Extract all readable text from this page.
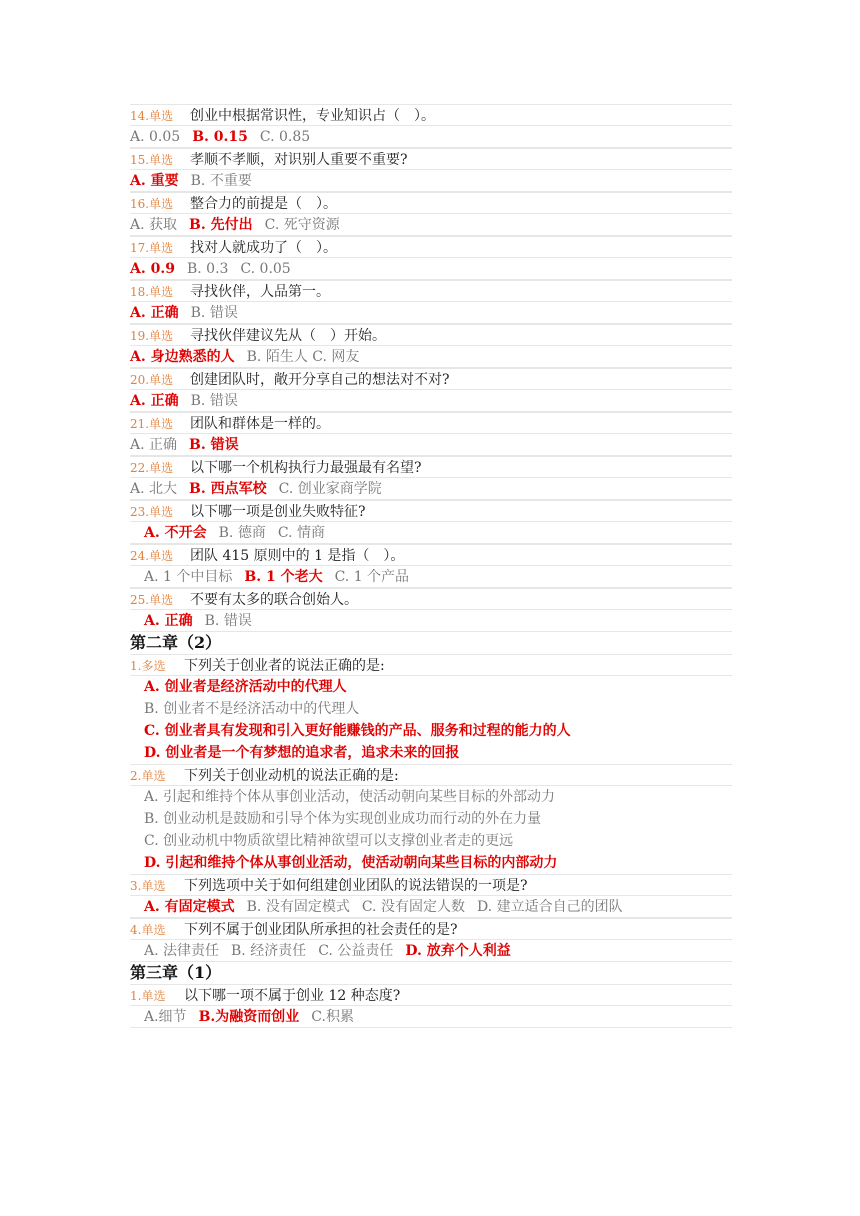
14.单选 创业中根据常识性，专业知识占（　）。
A. 0.05 B. 0.15 C. 0.85
15.单选 孝顺不孝顺，对识别人重要不重要?
A. 重要 B. 不重要
16.单选 整合力的前提是（　）。
A. 获取 B. 先付出 C. 死守资源
17.单选 找对人就成功了（　）。
A. 0.9 B. 0.3 C. 0.05
18.单选 寻找伙伴，人品第一。
A. 正确 B. 错误
19.单选 寻找伙伴建议先从（　）开始。
A. 身边熟悉的人 B. 陌生人 C. 网友
20.单选 创建团队时，敞开分享自己的想法对不对?
A. 正确 B. 错误
21.单选 团队和群体是一样的。
A. 正确 B. 错误
22.单选 以下哪一个机构执行力最强最有名望?
A. 北大 B. 西点军校 C. 创业家商学院
23.单选 以下哪一项是创业失败特征?
A. 不开会 B. 德商 C. 情商
24.单选 团队 415 原则中的 1 是指（　）。
A. 1 个中目标 B. 1 个老大 C. 1 个产品
25.单选 不要有太多的联合创始人。
A. 正确 B. 错误
第二章（2）
1.多选 下列关于创业者的说法正确的是:
A. 创业者是经济活动中的代理人
B. 创业者不是经济活动中的代理人
C. 创业者具有发现和引入更好能赚钱的产品、服务和过程的能力的人
D. 创业者是一个有梦想的追求者，追求未来的回报
2.单选 下列关于创业动机的说法正确的是:
A. 引起和维持个体从事创业活动，使活动朝向某些目标的外部动力
B. 创业动机是鼓励和引导个体为实现创业成功而行动的外在力量
C. 创业动机中物质欲望比精神欲望可以支撑创业者走的更远
D. 引起和维持个体从事创业活动，使活动朝向某些目标的内部动力
3.单选 下列选项中关于如何组建创业团队的说法错误的一项是?
A. 有固定模式 B. 没有固定模式 C. 没有固定人数 D. 建立适合自己的团队
4.单选 下列不属于创业团队所承担的社会责任的是?
A. 法律责任 B. 经济责任 C. 公益责任 D. 放弃个人利益
第三章（1）
1.单选 以下哪一项不属于创业 12 种态度?
A.细节 B.为融资而创业 C.积累
